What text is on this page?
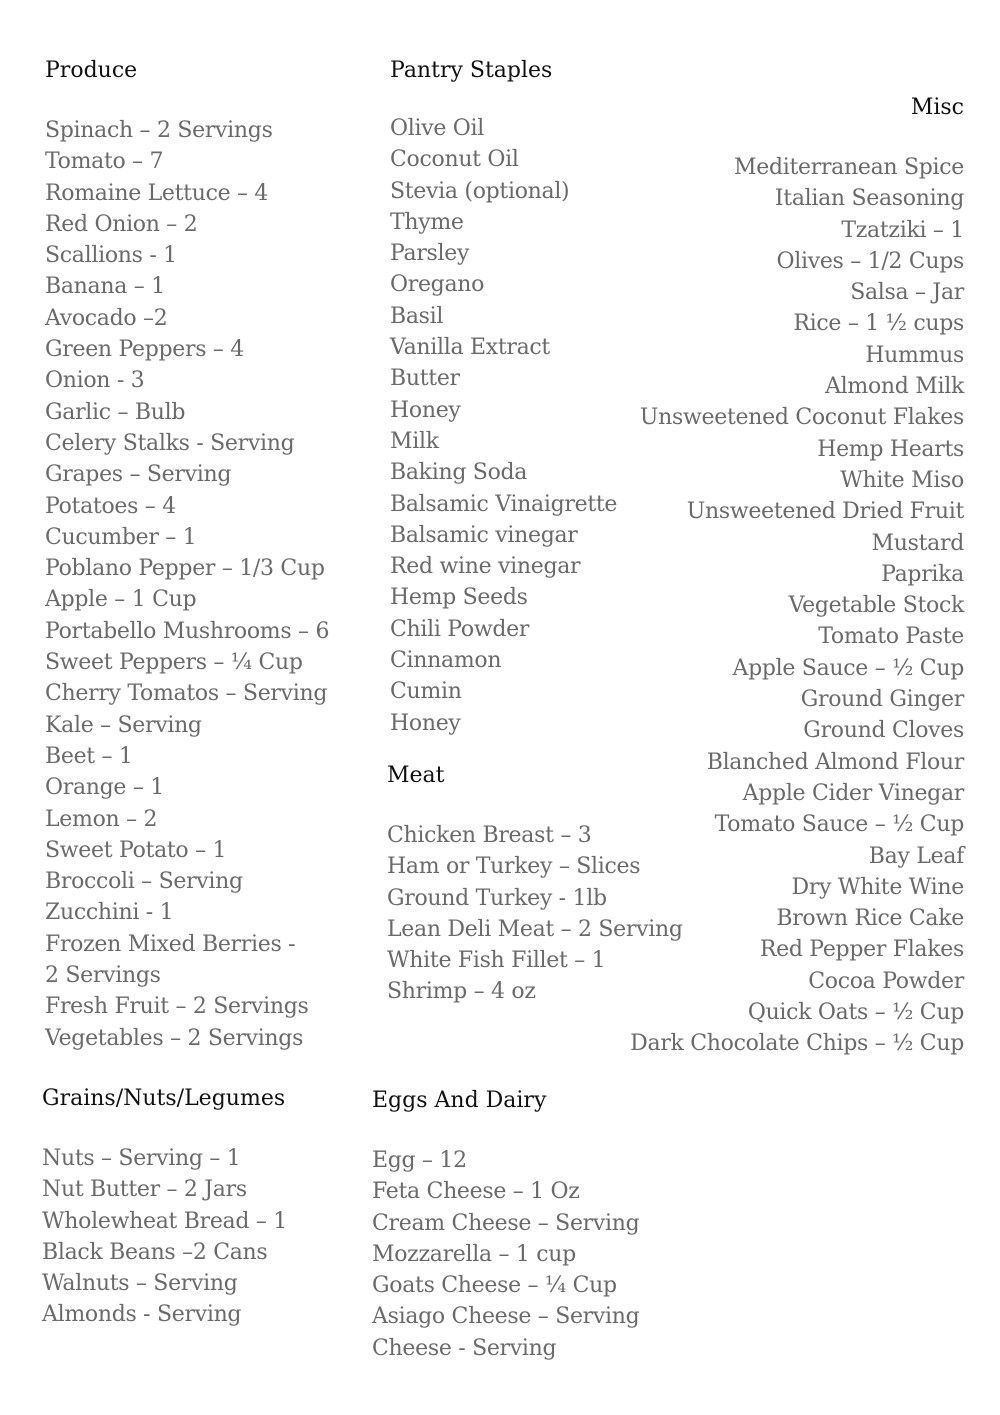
Produce
Spinach – 2 Servings
Tomato – 7
Romaine Lettuce – 4
Red Onion – 2
Scallions - 1
Banana – 1
Avocado –2
Green Peppers – 4
Onion - 3
Garlic – Bulb
Celery Stalks - Serving
Grapes – Serving
Potatoes – 4
Cucumber – 1
Poblano Pepper – 1/3 Cup
Apple – 1 Cup
Portabello Mushrooms – 6
Sweet Peppers – ¼ Cup
Cherry Tomatos – Serving
Kale – Serving
Beet – 1
Orange – 1
Lemon – 2
Sweet Potato – 1
Broccoli – Serving
Zucchini - 1
Frozen Mixed Berries -
2 Servings
Fresh Fruit – 2 Servings
Vegetables – 2 Servings
Pantry Staples
Olive Oil
Coconut Oil
Stevia (optional)
Thyme
Parsley
Oregano
Basil
Vanilla Extract
Butter
Honey
Milk
Baking Soda
Balsamic Vinaigrette
Balsamic vinegar
Red wine vinegar
Hemp Seeds
Chili Powder
Cinnamon
Cumin
Honey
Meat
Chicken Breast – 3
Ham or Turkey – Slices
Ground Turkey - 1lb
Lean Deli Meat – 2 Serving
White Fish Fillet – 1
Shrimp – 4 oz
Misc
Mediterranean Spice
Italian Seasoning
Tzatziki – 1
Olives – 1/2 Cups
Salsa – Jar
Rice – 1 ½ cups
Hummus
Almond Milk
Unsweetened Coconut Flakes
Hemp Hearts
White Miso
Unsweetened Dried Fruit
Mustard
Paprika
Vegetable Stock
Tomato Paste
Apple Sauce – ½ Cup
Ground Ginger
Ground Cloves
Blanched Almond Flour
Apple Cider Vinegar
Tomato Sauce – ½ Cup
Bay Leaf
Dry White Wine
Brown Rice Cake
Red Pepper Flakes
Cocoa Powder
Quick Oats – ½ Cup
Dark Chocolate Chips – ½ Cup
Grains/Nuts/Legumes
Nuts – Serving – 1
Nut Butter – 2 Jars
Wholewheat Bread – 1
Black Beans –2 Cans
Walnuts – Serving
Almonds - Serving
Eggs And Dairy
Egg – 12
Feta Cheese – 1 Oz
Cream Cheese – Serving
Mozzarella – 1 cup
Goats Cheese – ¼ Cup
Asiago Cheese – Serving
Cheese - Serving
